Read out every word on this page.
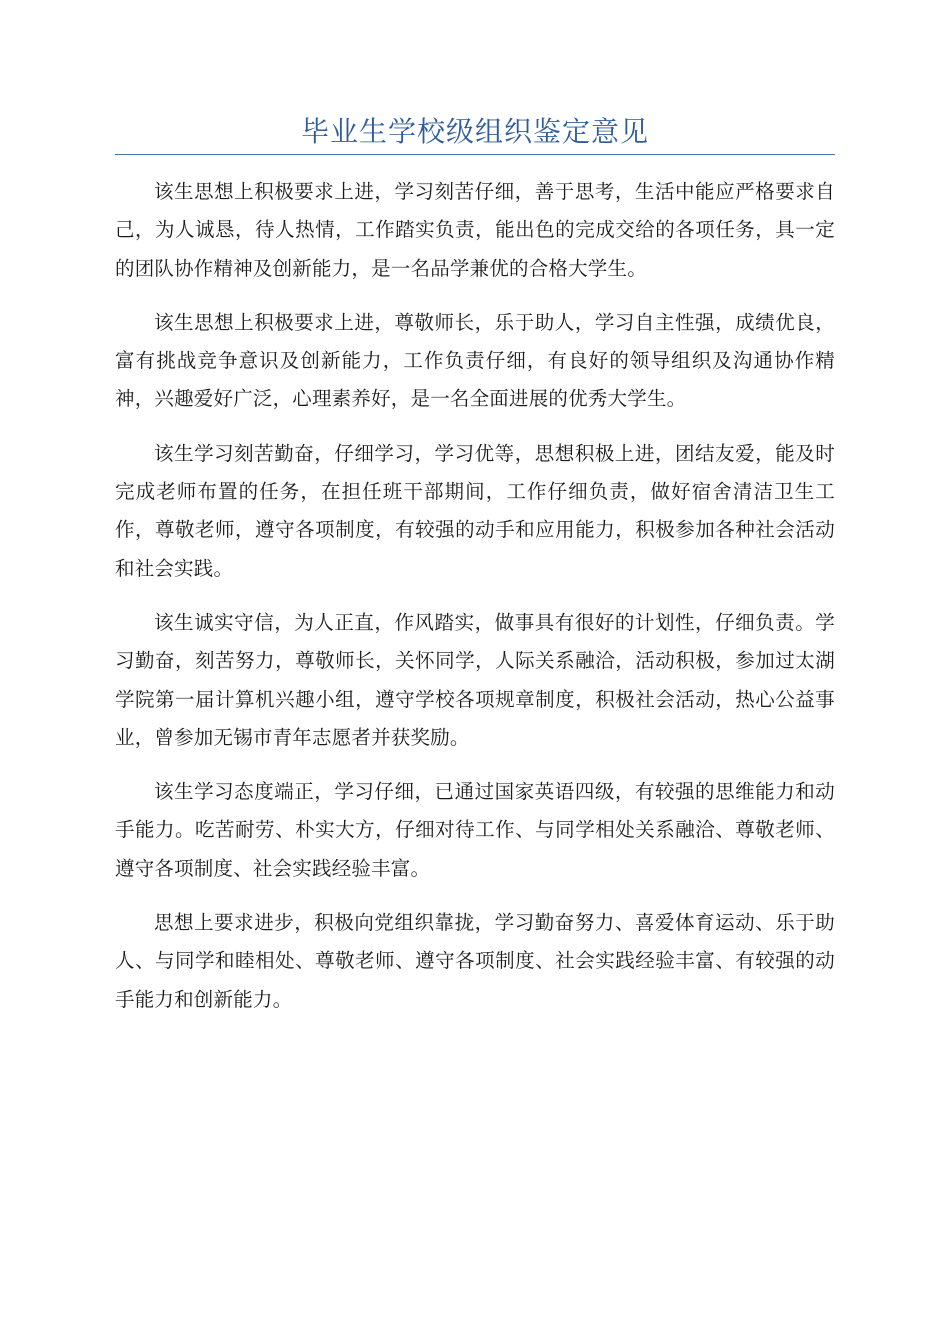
毕业生学校级组织鉴定意见

该生思想上积极要求上进，学习刻苦仔细，善于思考，生活中能应严格要求自己，为人诚恳，待人热情，工作踏实负责，能出色的完成交给的各项任务，具一定的团队协作精神及创新能力，是一名品学兼优的合格大学生。

该生思想上积极要求上进，尊敬师长，乐于助人，学习自主性强，成绩优良，富有挑战竞争意识及创新能力，工作负责仔细，有良好的领导组织及沟通协作精神，兴趣爱好广泛，心理素养好，是一名全面进展的优秀大学生。

该生学习刻苦勤奋，仔细学习，学习优等，思想积极上进，团结友爱，能及时完成老师布置的任务，在担任班干部期间，工作仔细负责，做好宿舍清洁卫生工作，尊敬老师，遵守各项制度，有较强的动手和应用能力，积极参加各种社会活动和社会实践。

该生诚实守信，为人正直，作风踏实，做事具有很好的计划性，仔细负责。学习勤奋，刻苦努力，尊敬师长，关怀同学，人际关系融洽，活动积极，参加过太湖学院第一届计算机兴趣小组，遵守学校各项规章制度，积极社会活动，热心公益事业，曾参加无锡市青年志愿者并获奖励。

该生学习态度端正，学习仔细，已通过国家英语四级，有较强的思维能力和动手能力。吃苦耐劳、朴实大方，仔细对待工作、与同学相处关系融洽、尊敬老师、遵守各项制度、社会实践经验丰富。

思想上要求进步，积极向党组织靠拢，学习勤奋努力、喜爱体育运动、乐于助人、与同学和睦相处、尊敬老师、遵守各项制度、社会实践经验丰富、有较强的动手能力和创新能力。
